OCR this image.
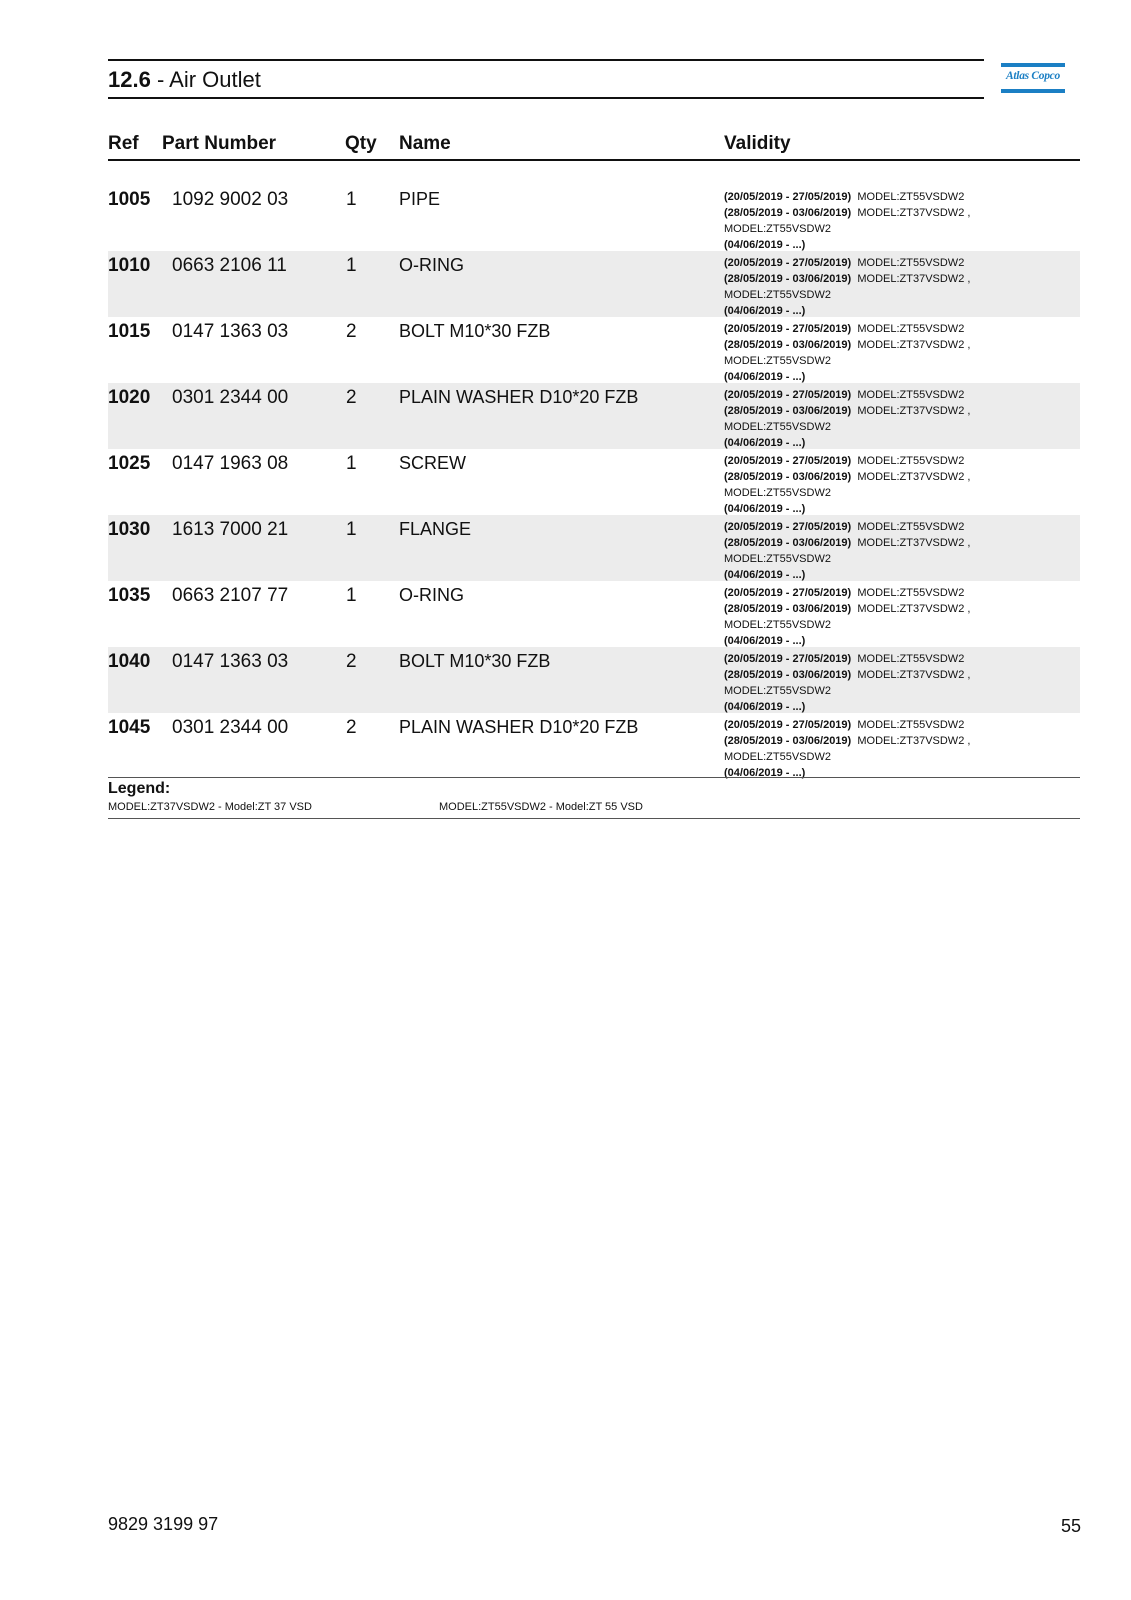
12.6 - Air Outlet	Atlas Copco
Ref Part Number	Qty Name	Validity
1005 1092 9002 03	1 PIPE	(20/05/2019 - 27/05/2019) MODEL:ZT55VSDW2
(28/05/2019 - 03/06/2019) MODEL:ZT37VSDW2 ,
MODEL:ZT55VSDW2
(04/06/2019 - ...)
1010 0663 2106 11	1 O-RING	(20/05/2019 - 27/05/2019) MODEL:ZT55VSDW2
(28/05/2019 - 03/06/2019) MODEL:ZT37VSDW2 ,
MODEL:ZT55VSDW2
(04/06/2019 - ...)
1015 0147 1363 03	2 BOLT M10*30 FZB	(20/05/2019 - 27/05/2019) MODEL:ZT55VSDW2
(28/05/2019 - 03/06/2019) MODEL:ZT37VSDW2 ,
MODEL:ZT55VSDW2
(04/06/2019 - ...)
1020 0301 2344 00	2 PLAIN WASHER D10*20 FZB	(20/05/2019 - 27/05/2019) MODEL:ZT55VSDW2
(28/05/2019 - 03/06/2019) MODEL:ZT37VSDW2 ,
MODEL:ZT55VSDW2
(04/06/2019 - ...)
1025 0147 1963 08	1 SCREW	(20/05/2019 - 27/05/2019) MODEL:ZT55VSDW2
(28/05/2019 - 03/06/2019) MODEL:ZT37VSDW2 ,
MODEL:ZT55VSDW2
(04/06/2019 - ...)
1030 1613 7000 21	1 FLANGE	(20/05/2019 - 27/05/2019) MODEL:ZT55VSDW2
(28/05/2019 - 03/06/2019) MODEL:ZT37VSDW2 ,
MODEL:ZT55VSDW2
(04/06/2019 - ...)
1035 0663 2107 77	1 O-RING	(20/05/2019 - 27/05/2019) MODEL:ZT55VSDW2
(28/05/2019 - 03/06/2019) MODEL:ZT37VSDW2 ,
MODEL:ZT55VSDW2
(04/06/2019 - ...)
1040 0147 1363 03	2 BOLT M10*30 FZB	(20/05/2019 - 27/05/2019) MODEL:ZT55VSDW2
(28/05/2019 - 03/06/2019) MODEL:ZT37VSDW2 ,
MODEL:ZT55VSDW2
(04/06/2019 - ...)
1045 0301 2344 00	2 PLAIN WASHER D10*20 FZB	(20/05/2019 - 27/05/2019) MODEL:ZT55VSDW2
(28/05/2019 - 03/06/2019) MODEL:ZT37VSDW2 ,
MODEL:ZT55VSDW2
(04/06/2019 - ...)
Legend:
MODEL:ZT37VSDW2 - Model:ZT 37 VSD	MODEL:ZT55VSDW2 - Model:ZT 55 VSD
9829 3199 97	55
